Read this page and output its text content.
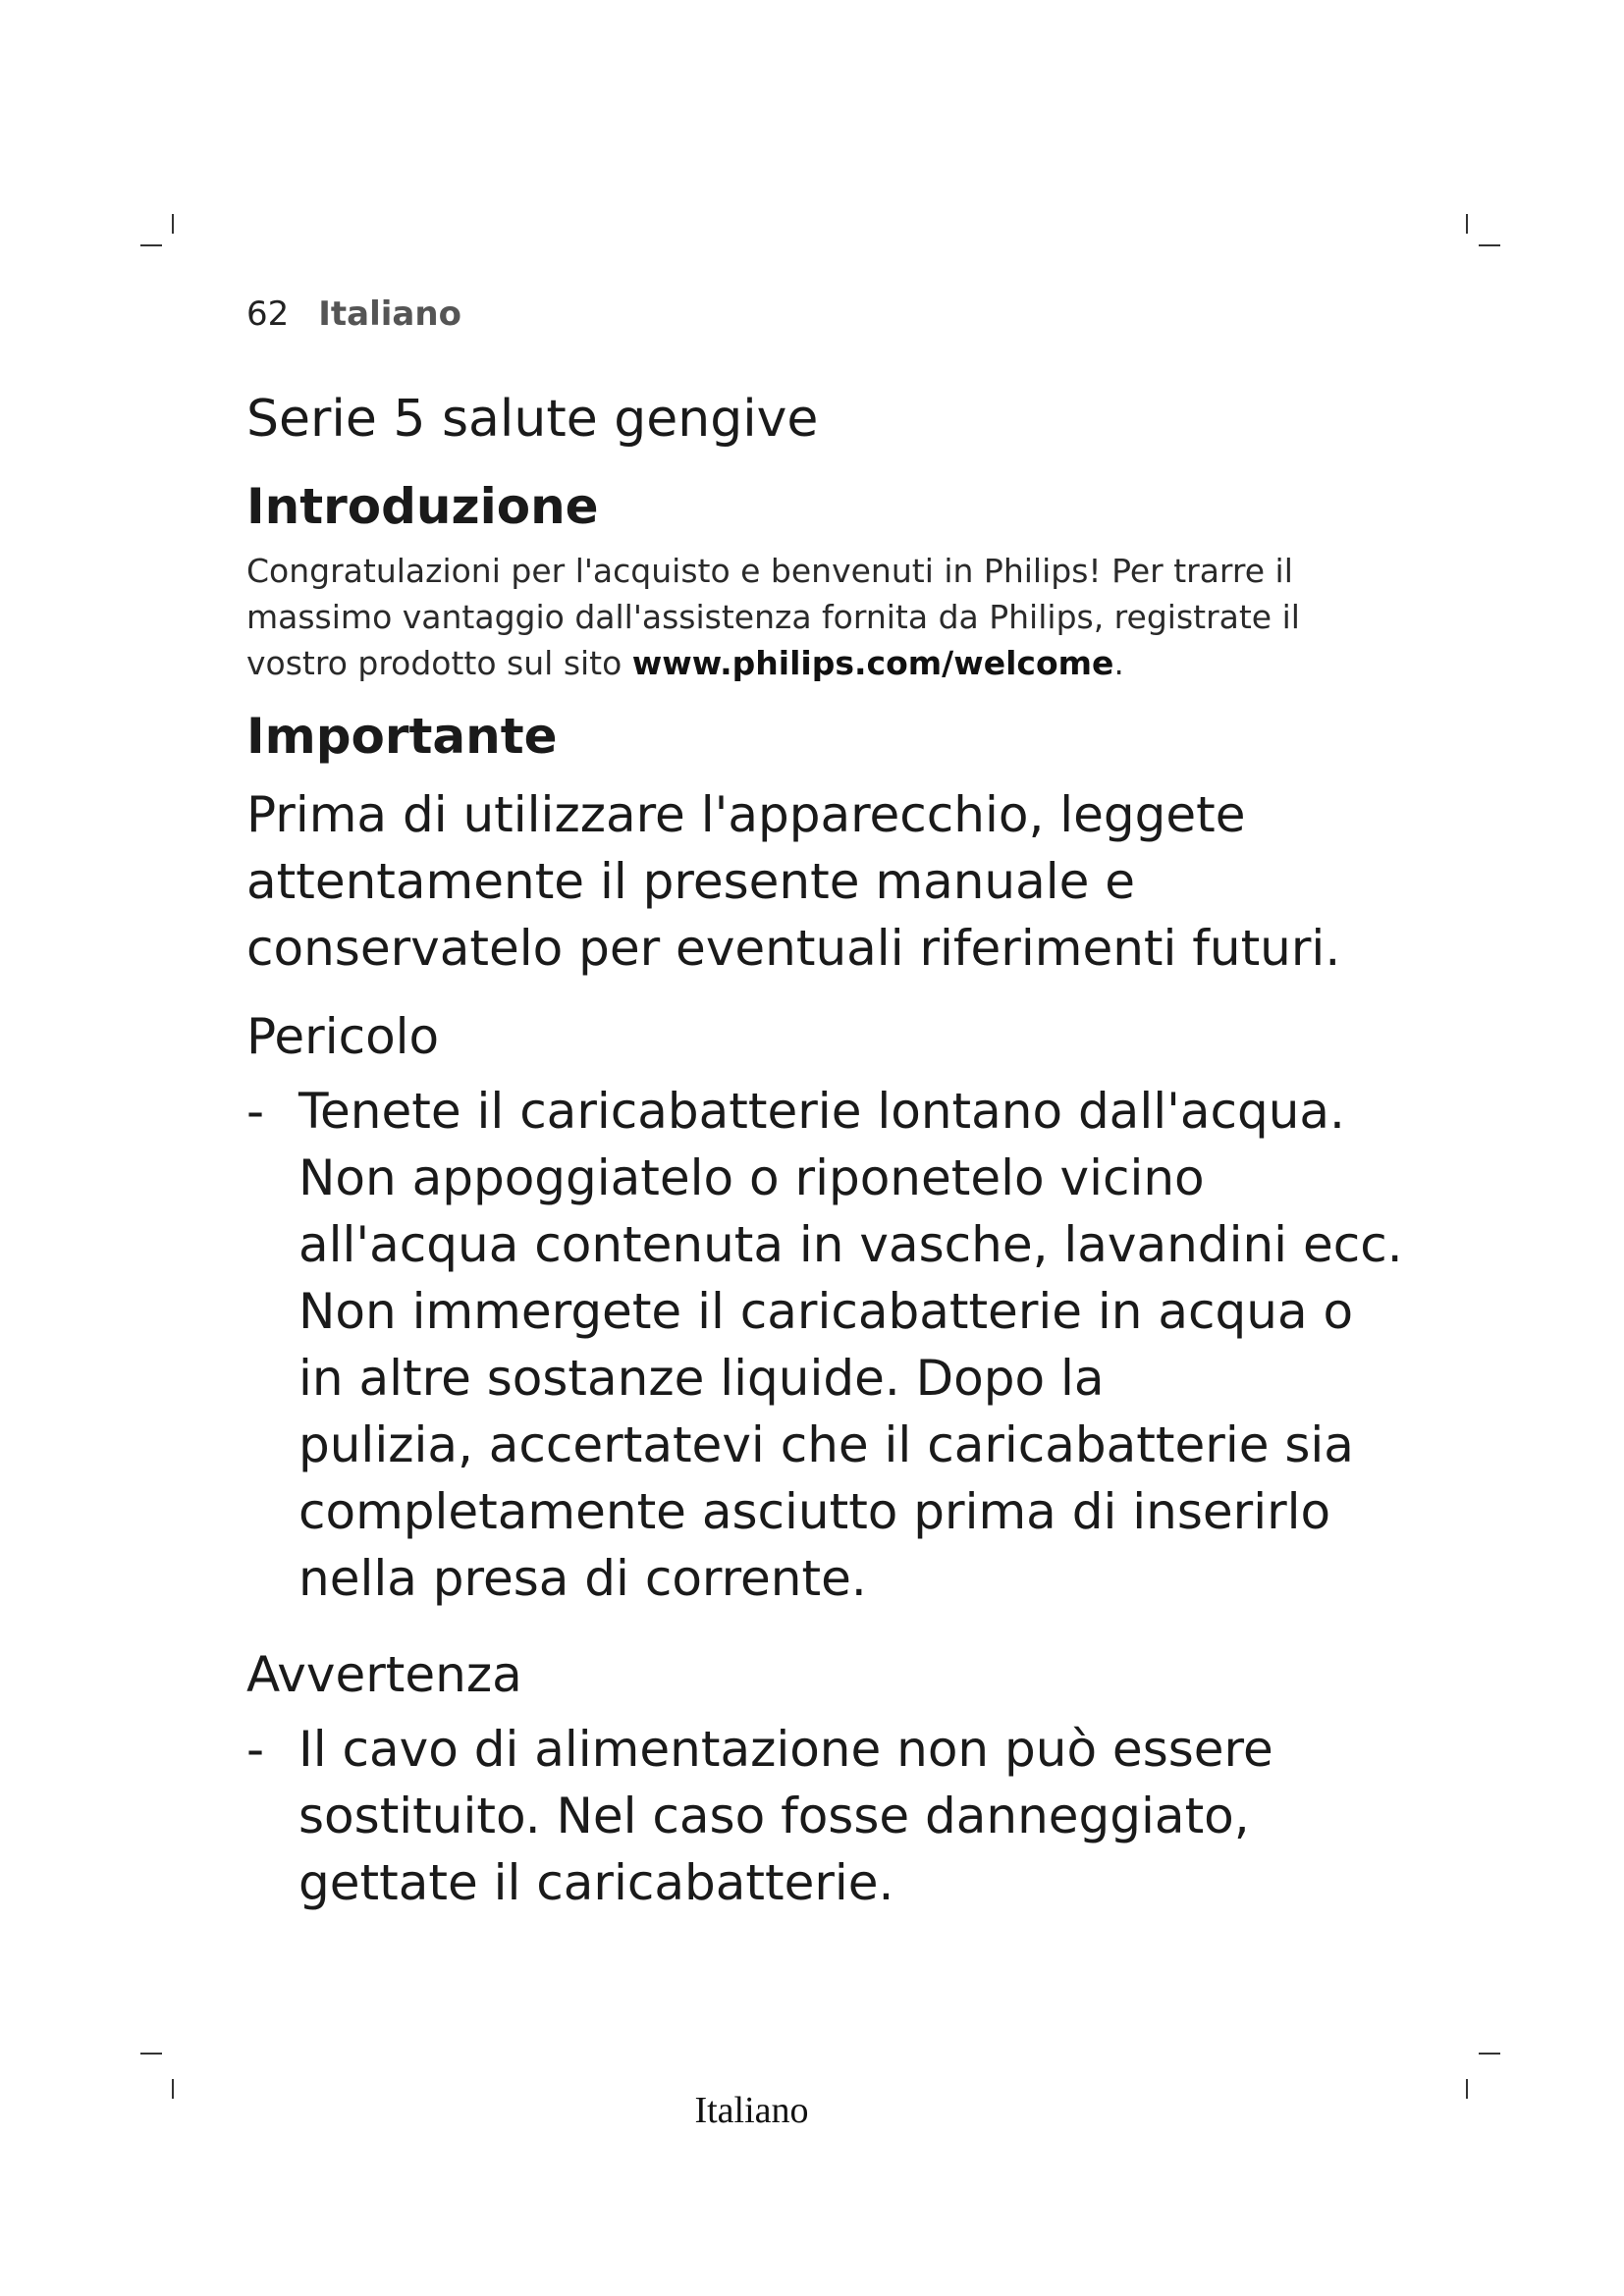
62 Italiano
Serie 5 salute gengive
Introduzione

Congratulazioni per l'acquisto e benvenuti in Philips! Per trarre il
massimo vantaggio dall'assistenza fornita da Philips, registrate il
vostro prodotto sul sito www.philips.com/welcome.

Importante

Prima di utilizzare l'apparecchio, leggete
attentamente il presente manuale e
conservatelo per eventuali riferimenti futuri.

Pericolo
- Tenete il caricabatterie lontano dall'acqua.
Non appoggiatelo o riponetelo vicino
all'acqua contenuta in vasche, lavandini ecc.
Non immergete il caricabatterie in acqua o
in altre sostanze liquide. Dopo la
pulizia, accertatevi che il caricabatterie sia
completamente asciutto prima di inserirlo
nella presa di corrente.
Avvertenza
- Il cavo di alimentazione non può essere
sostituito. Nel caso fosse danneggiato,
gettate il caricabatterie.
Italiano
